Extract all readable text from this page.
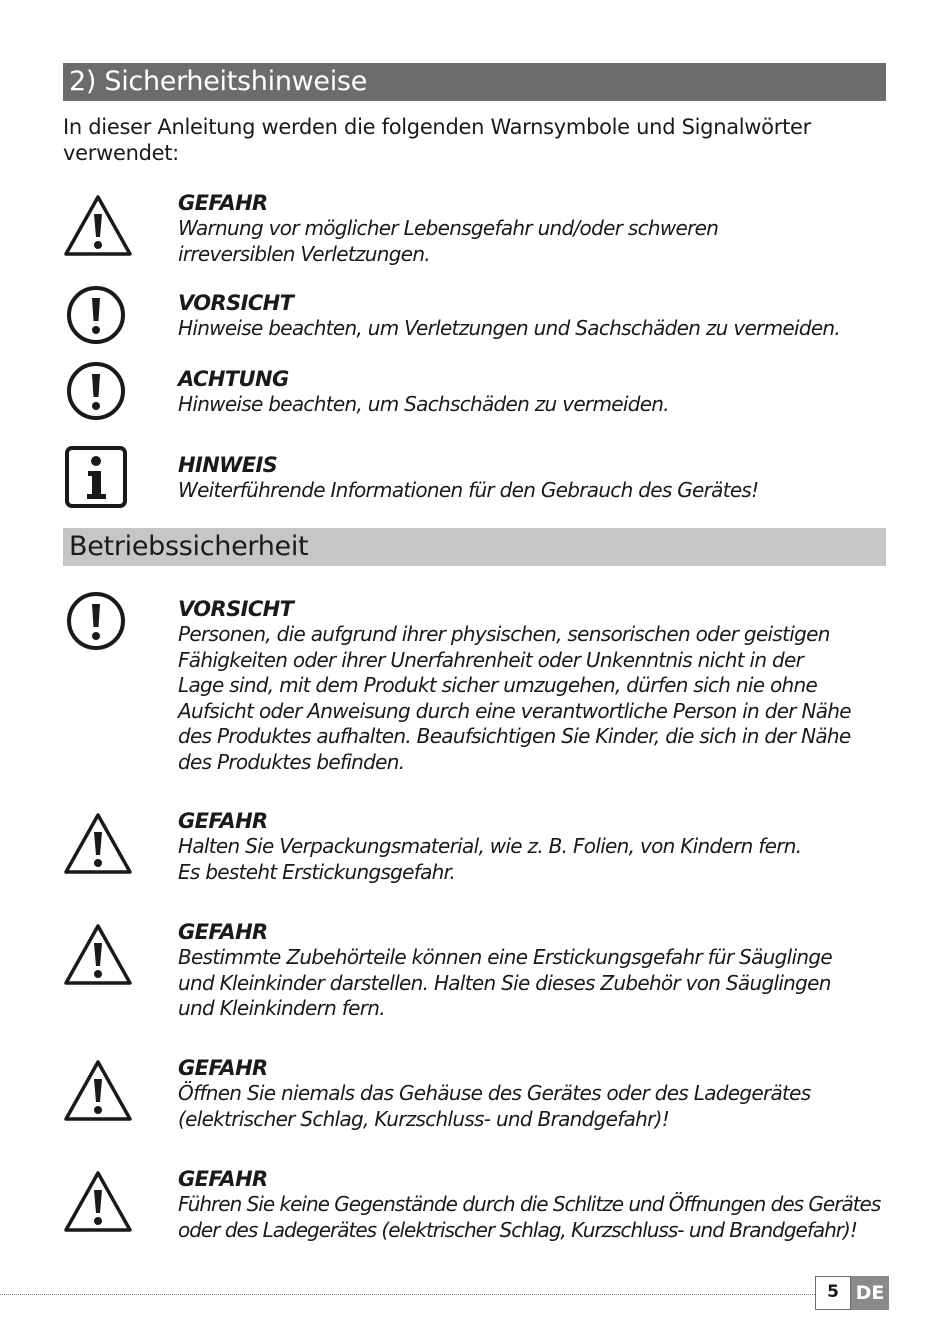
2) Sicherheitshinweise

In dieser Anleitung werden die folgenden Warnsymbole und Signalwörter verwendet:

GEFAHR

Warnung vor möglicher Lebensgefahr und/oder schweren
irreversiblen Verletzungen.

VORSICHT

Hinweise beachten, um Verletzungen und Sachschäden zu vermeiden.

ACHTUNG

Hinweise beachten, um Sachschäden zu vermeiden.

HINWEIS

Weiterführende Informationen für den Gebrauch des Gerätes!

Betriebssicherheit

VORSICHT

Personen, die aufgrund ihrer physischen, sensorischen oder geistigen
Fähigkeiten oder ihrer Unerfahrenheit oder Unkenntnis nicht in der
Lage sind, mit dem Produkt sicher umzugehen, dürfen sich nie ohne
Aufsicht oder Anweisung durch eine verantwortliche Person in der Nähe
des Produktes aufhalten. Beaufsichtigen Sie Kinder, die sich in der Nähe
des Produktes befinden.

GEFAHR

Halten Sie Verpackungsmaterial, wie z. B. Folien, von Kindern fern.
Es besteht Erstickungsgefahr.

GEFAHR

Bestimmte Zubehörteile können eine Erstickungsgefahr für Säuglinge
und Kleinkinder darstellen. Halten Sie dieses Zubehör von Säuglingen
und Kleinkindern fern.

GEFAHR

Öffnen Sie niemals das Gehäuse des Gerätes oder des Ladegerätes
(elektrischer Schlag, Kurzschluss- und Brandgefahr)!

GEFAHR

Führen Sie keine Gegenstände durch die Schlitze und Öffnungen des Gerätes
oder des Ladegerätes (elektrischer Schlag, Kurzschluss- und Brandgefahr)!

5 DE
